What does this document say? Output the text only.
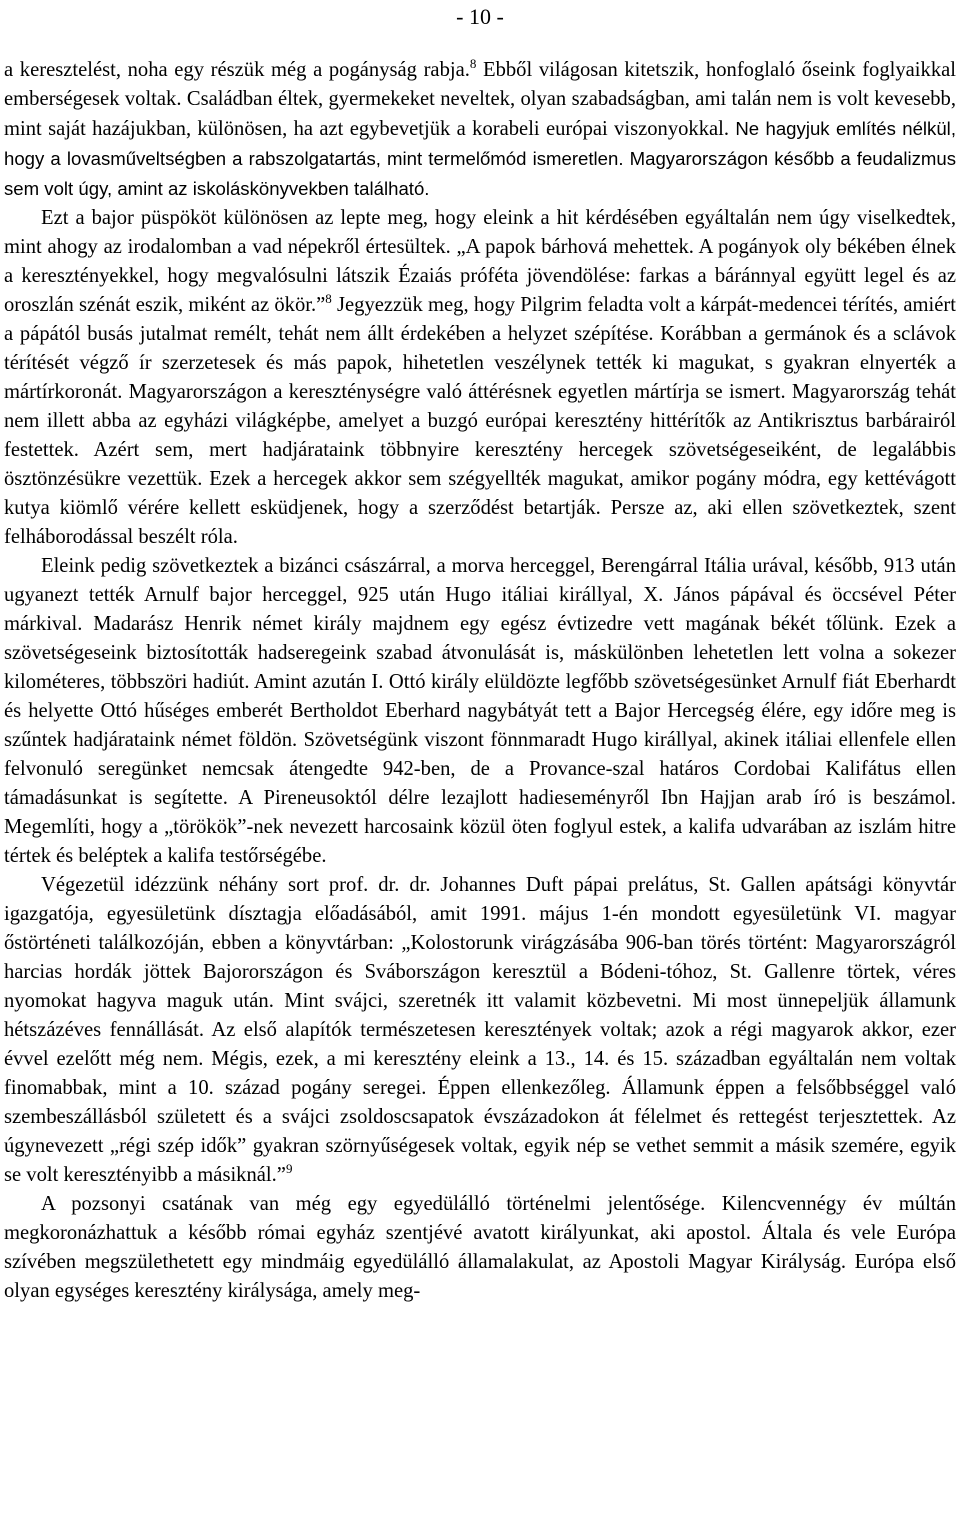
- 10 -

a keresztelést, noha egy részük még a pogányság rabja.$^8$ Ebből világosan kitetszik, honfoglaló őseink foglyaikkal emberségesek voltak. Családban éltek, gyermekeket neveltek, olyan szabadságban, ami talán nem is volt kevesebb, mint saját hazájukban, különösen, ha azt egybevetjük a korabeli európai viszonyokkal. Ne hagyjuk említés nélkül, hogy a lovasműveltségben a rabszolgatartás, mint termelőmód ismeretlen. Magyarországon később a feudalizmus sem volt úgy, amint az iskoláskönyvekben található.

Ezt a bajor püspököt különösen az lepte meg, hogy eleink a hit kérdésében egyáltalán nem úgy viselkedtek, mint ahogy az irodalomban a vad népekről értesültek. „A papok bárhová mehettek. A pogányok oly békében élnek a keresztényekkel, hogy megvalósulni látszik Ézaiás próféta jövendölése: farkas a báránnyal együtt legel és az oroszlán szénát eszik, miként az ökör.”$^8$ Jegyezzük meg, hogy Pilgrim feladta volt a kárpát-medencei térítés, amiért a pápától busás jutalmat remélt, tehát nem állt érdekében a helyzet szépítése. Korábban a germánok és a sclávok térítését végző ír szerzetesek és más papok, hihetetlen veszélynek tették ki magukat, s gyakran elnyerték a mártírkoronát. Magyarországon a kereszténységre való áttérésnek egyetlen mártírja se ismert. Magyarország tehát nem illett abba az egyházi világképbe, amelyet a buzgó európai keresztény hittérítők az Antikrisztus barbárairól festettek. Azért sem, mert hadjárataink többnyire keresztény hercegek szövetségeseiként, de legalábbis ösztönzésükre vezettük. Ezek a hercegek akkor sem szégyellték magukat, amikor pogány módra, egy kettévágott kutya kiömlő vérére kellett esküdjenek, hogy a szerződést betartják. Persze az, aki ellen szövetkeztek, szent felháborodással beszélt róla.

Eleink pedig szövetkeztek a bizánci császárral, a morva herceggel, Berengárral Itália urával, később, 913 után ugyanezt tették Arnulf bajor herceggel, 925 után Hugo itáliai királlyal, X. János pápával és öccsével Péter márkival. Madarász Henrik német király majdnem egy egész évtizedre vett magának békét tőlünk. Ezek a szövetségeseink biztosították hadseregeink szabad átvonulását is, máskülönben lehetetlen lett volna a sokezer kilométeres, többszöri hadiút. Amint azután I. Ottó király elüldözte legfőbb szövetségesünket Arnulf fiát Eberhardt és helyette Ottó hűséges emberét Bertholdot Eberhard nagybátyát tett a Bajor Hercegség élére, egy időre meg is szűntek hadjárataink német földön. Szövetségünk viszont fönnmaradt Hugo királlyal, akinek itáliai ellenfele ellen felvonuló seregünket nemcsak átengedte 942-ben, de a Provance-szal határos Cordobai Kalifátus ellen támadásunkat is segítette. A Pireneusoktól délre lezajlott hadieseményről Ibn Hajjan arab író is beszámol. Megemlíti, hogy a „törökök”-nek nevezett harcosaink közül öten foglyul estek, a kalifa udvarában az iszlám hitre tértek és beléptek a kalifa testőrségébe.

Végezetül idézzünk néhány sort prof. dr. dr. Johannes Duft pápai prelátus, St. Gallen apátsági könyvtár igazgatója, egyesületünk dísztagja előadásából, amit 1991. május 1-én mondott egyesületünk VI. magyar őstörténeti találkozóján, ebben a könyvtárban: „Kolostorunk virágzásába 906-ban törés történt: Magyarországról harcias hordák jöttek Bajorországon és Svábországon keresztül a Bódeni-tóhoz, St. Gallenre törtek, véres nyomokat hagyva maguk után. Mint svájci, szeretnék itt valamit közbevetni. Mi most ünnepeljük államunk hétszázéves fennállását. Az első alapítók természetesen keresztények voltak; azok a régi magyarok akkor, ezer évvel ezelőtt még nem. Mégis, ezek, a mi keresztény eleink a 13., 14. és 15. században egyáltalán nem voltak finomabbak, mint a 10. század pogány seregei. Éppen ellenkezőleg. Államunk éppen a felsőbbséggel való szembeszállásból született és a svájci zsoldoscsapatok évszázadokon át félelmet és rettegést terjesztettek. Az úgynevezett „régi szép idők” gyakran szörnyűségesek voltak, egyik nép se vethet semmit a másik szemére, egyik se volt keresztényibb a másiknál.”$^9$

A pozsonyi csatának van még egy egyedülálló történelmi jelentősége. Kilencvennégy év múltán megkoronázhattuk a később római egyház szentjévé avatott királyunkat, aki apostol. Általa és vele Európa szívében megszülethetett egy mindmáig egyedülálló államalakulat, az Apostoli Magyar Királyság. Európa első olyan egységes keresztény királysága, amely meg-
